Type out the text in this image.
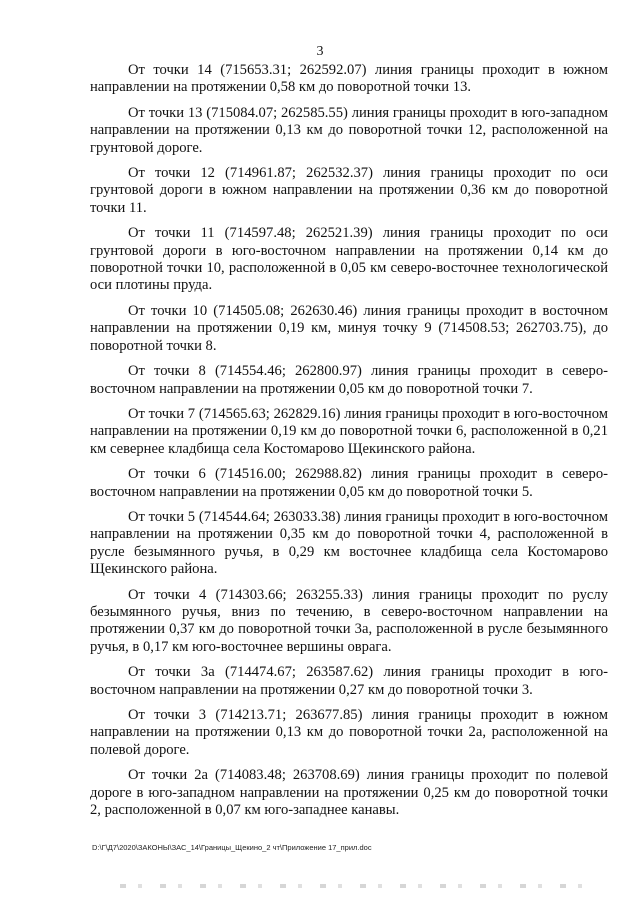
3

От точки 14 (715653.31; 262592.07) линия границы проходит в южном направлении на протяжении 0,58 км до поворотной точки 13.

От точки 13 (715084.07; 262585.55) линия границы проходит в юго-западном направлении на протяжении 0,13 км до поворотной точки 12, расположенной на грунтовой дороге.

От точки 12 (714961.87; 262532.37) линия границы проходит по оси грунтовой дороги в южном направлении на протяжении 0,36 км до поворотной точки 11.

От точки 11 (714597.48; 262521.39) линия границы проходит по оси грунтовой дороги в юго-восточном направлении на протяжении 0,14 км до поворотной точки 10, расположенной в 0,05 км северо-восточнее технологической оси плотины пруда.

От точки 10 (714505.08; 262630.46) линия границы проходит в восточном направлении на протяжении 0,19 км, минуя точку 9 (714508.53; 262703.75), до поворотной точки 8.

От точки 8 (714554.46; 262800.97) линия границы проходит в северо-восточном направлении на протяжении 0,05 км до поворотной точки 7.

От точки 7 (714565.63; 262829.16) линия границы проходит в юго-восточном направлении на протяжении 0,19 км до поворотной точки 6, расположенной в 0,21 км севернее кладбища села Костомарово Щекинского района.

От точки 6 (714516.00; 262988.82) линия границы проходит в северо-восточном направлении на протяжении 0,05 км до поворотной точки 5.

От точки 5 (714544.64; 263033.38) линия границы проходит в юго-восточном направлении на протяжении 0,35 км до поворотной точки 4, расположенной в русле безымянного ручья, в 0,29 км восточнее кладбища села Костомарово Щекинского района.

От точки 4 (714303.66; 263255.33) линия границы проходит по руслу безымянного ручья, вниз по течению, в северо-восточном направлении на протяжении 0,37 км до поворотной точки 3а, расположенной в русле безымянного ручья, в 0,17 км юго-восточнее вершины оврага.

От точки 3а (714474.67; 263587.62) линия границы проходит в юго-восточном направлении на протяжении 0,27 км до поворотной точки 3.

От точки 3 (714213.71; 263677.85) линия границы проходит в южном направлении на протяжении 0,13 км до поворотной точки 2а, расположенной на полевой дороге.

От точки 2а (714083.48; 263708.69) линия границы проходит по полевой дороге в юго-западном направлении на протяжении 0,25 км до поворотной точки 2, расположенной в 0,07 км юго-западнее канавы.

D:\Г\Д7\2020\ЗАКОНЫ\ЗАС_14\Границы_Щекино_2 чт\Приложение 17_прил.doc
